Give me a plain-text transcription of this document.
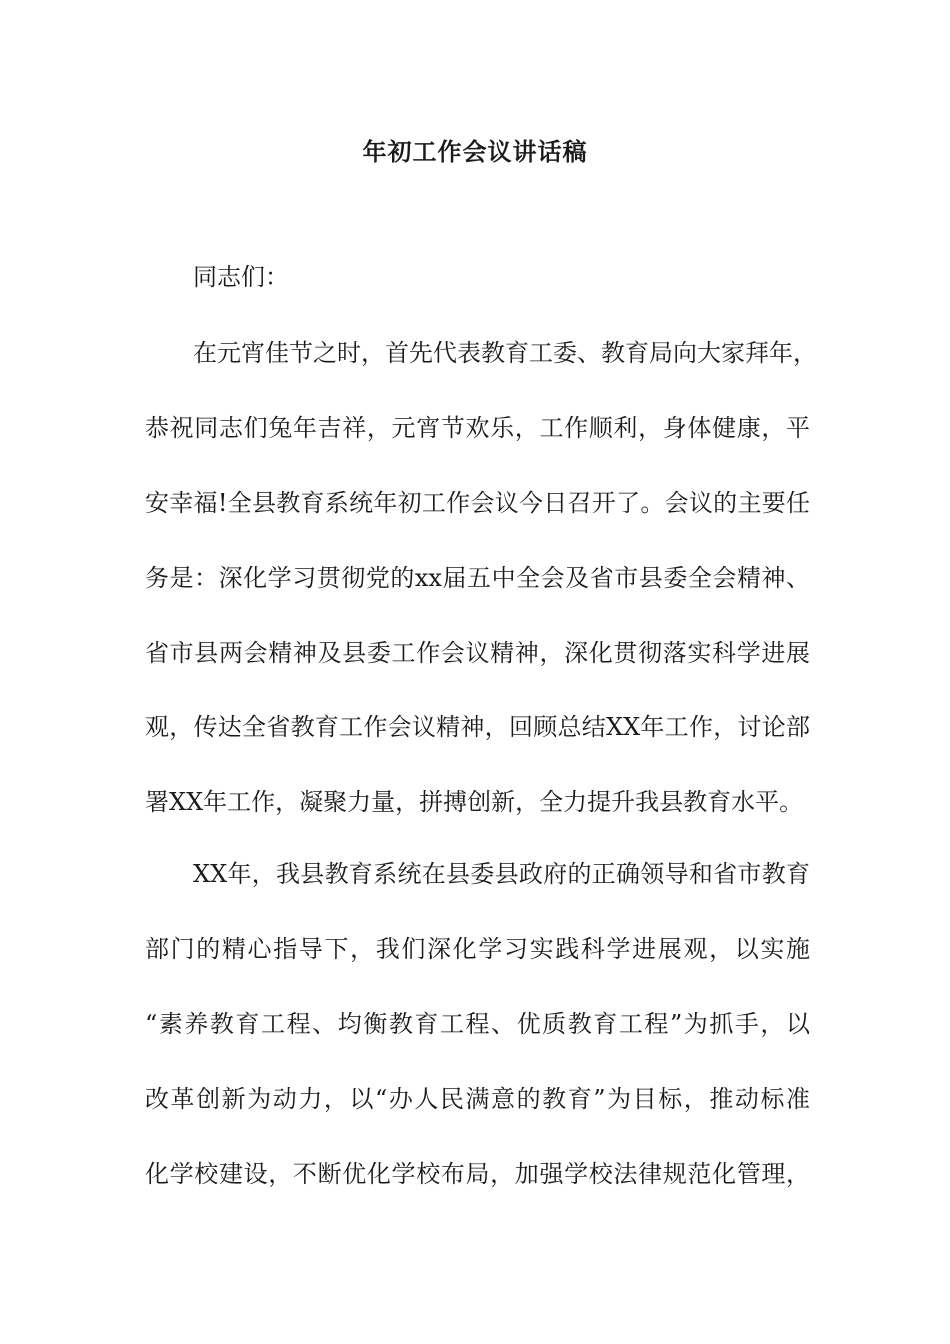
年初工作会议讲话稿

同志们：

在元宵佳节之时，首先代表教育工委、教育局向大家拜年，

恭祝同志们兔年吉祥，元宵节欢乐，工作顺利，身体健康，平

安幸福!全县教育系统年初工作会议今日召开了。会议的主要任

务是：深化学习贯彻党的xx届五中全会及省市县委全会精神、

省市县两会精神及县委工作会议精神，深化贯彻落实科学进展

观，传达全省教育工作会议精神，回顾总结XX年工作，讨论部

署XX年工作，凝聚力量，拼搏创新，全力提升我县教育水平。

XX年，我县教育系统在县委县政府的正确领导和省市教育

部门的精心指导下，我们深化学习实践科学进展观，以实施

“素养教育工程、均衡教育工程、优质教育工程”为抓手，以

改革创新为动力，以“办人民满意的教育”为目标，推动标准

化学校建设，不断优化学校布局，加强学校法律规范化管理，
